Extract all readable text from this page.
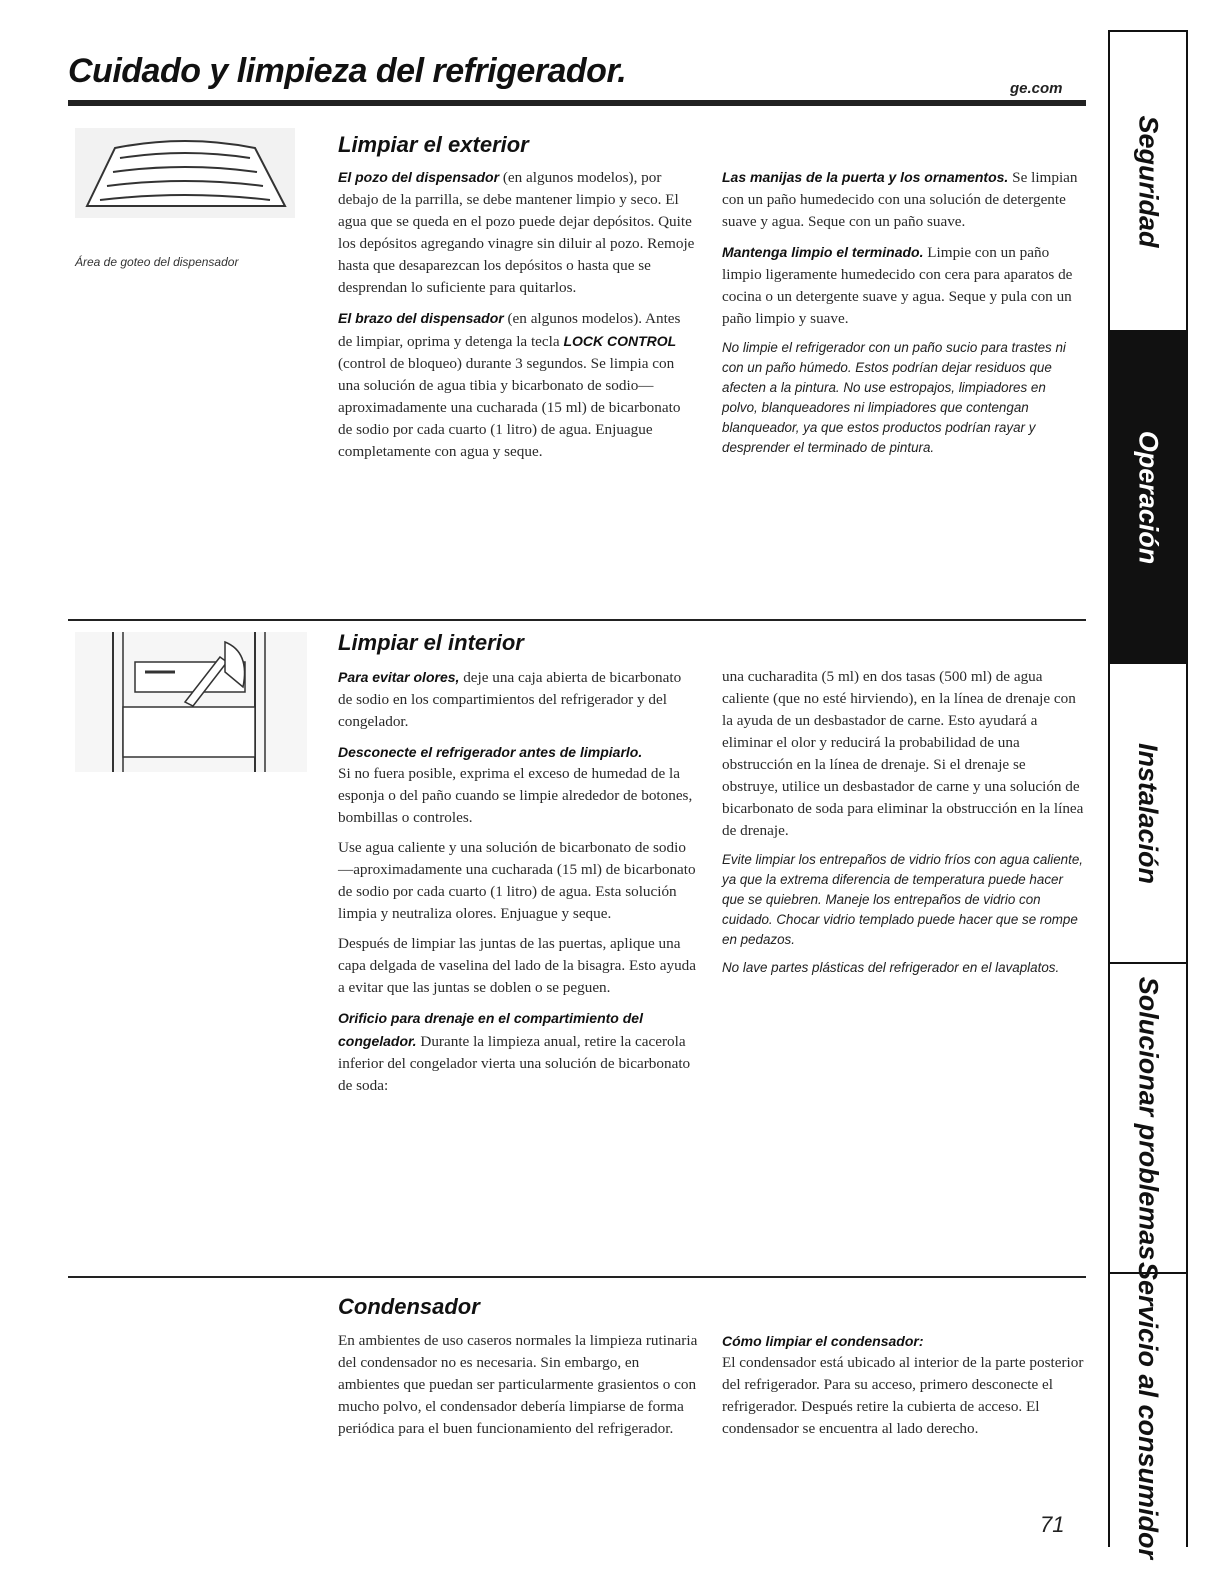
Cuidado y limpieza del refrigerador.	ge.com
Área de goteo del dispensador
Limpiar el exterior

El pozo del dispensador (en algunos modelos), por debajo de la parrilla, se debe mantener limpio y seco. El agua que se queda en el pozo puede dejar depósitos. Quite los depósitos agregando vinagre sin diluir al pozo. Remoje hasta que desaparezcan los depósitos o hasta que se desprendan lo suficiente para quitarlos.

El brazo del dispensador (en algunos modelos). Antes de limpiar, oprima y detenga la tecla LOCK CONTROL (control de bloqueo) durante 3 segundos. Se limpia con una solución de agua tibia y bicarbonato de sodio—aproximadamente una cucharada (15 ml) de bicarbonato de sodio por cada cuarto (1 litro) de agua. Enjuague completamente con agua y seque.

Las manijas de la puerta y los ornamentos. Se limpian con un paño humedecido con una solución de detergente suave y agua. Seque con un paño suave.

Mantenga limpio el terminado. Limpie con un paño limpio ligeramente humedecido con cera para aparatos de cocina o un detergente suave y agua. Seque y pula con un paño limpio y suave.

No limpie el refrigerador con un paño sucio para trastes ni con un paño húmedo. Estos podrían dejar residuos que afecten a la pintura. No use estropajos, limpiadores en polvo, blanqueadores ni limpiadores que contengan blanqueador, ya que estos productos podrían rayar y desprender el terminado de pintura.

Limpiar el interior

Para evitar olores, deje una caja abierta de bicarbonato de sodio en los compartimientos del refrigerador y del congelador.

Desconecte el refrigerador antes de limpiarlo.
Si no fuera posible, exprima el exceso de humedad de la esponja o del paño cuando se limpie alrededor de botones, bombillas o controles.

Use agua caliente y una solución de bicarbonato de sodio—aproximadamente una cucharada (15 ml) de bicarbonato de sodio por cada cuarto (1 litro) de agua. Esta solución limpia y neutraliza olores. Enjuague y seque.

Después de limpiar las juntas de las puertas, aplique una capa delgada de vaselina del lado de la bisagra. Esto ayuda a evitar que las juntas se doblen o se peguen.

Orificio para drenaje en el compartimiento del congelador. Durante la limpieza anual, retire la cacerola inferior del congelador vierta una solución de bicarbonato de soda:

una cucharadita (5 ml) en dos tasas (500 ml) de agua caliente (que no esté hirviendo), en la línea de drenaje con la ayuda de un desbastador de carne. Esto ayudará a eliminar el olor y reducirá la probabilidad de una obstrucción en la línea de drenaje. Si el drenaje se obstruye, utilice un desbastador de carne y una solución de bicarbonato de soda para eliminar la obstrucción en la línea de drenaje.

Evite limpiar los entrepaños de vidrio fríos con agua caliente, ya que la extrema diferencia de temperatura puede hacer que se quiebren. Maneje los entrepaños de vidrio con cuidado. Chocar vidrio templado puede hacer que se rompe en pedazos.

No lave partes plásticas del refrigerador en el lavaplatos.

Condensador

En ambientes de uso caseros normales la limpieza rutinaria del condensador no es necesaria. Sin embargo, en ambientes que puedan ser particularmente grasientos o con mucho polvo, el condensador debería limpiarse de forma periódica para el buen funcionamiento del refrigerador.

Cómo limpiar el condensador:
El condensador está ubicado al interior de la parte posterior del refrigerador. Para su acceso, primero desconecte el refrigerador. Después retire la cubierta de acceso. El condensador se encuentra al lado derecho.

71
Seguridad
Operación
Instalación
Solucionar problemas
Servicio al consumidor
